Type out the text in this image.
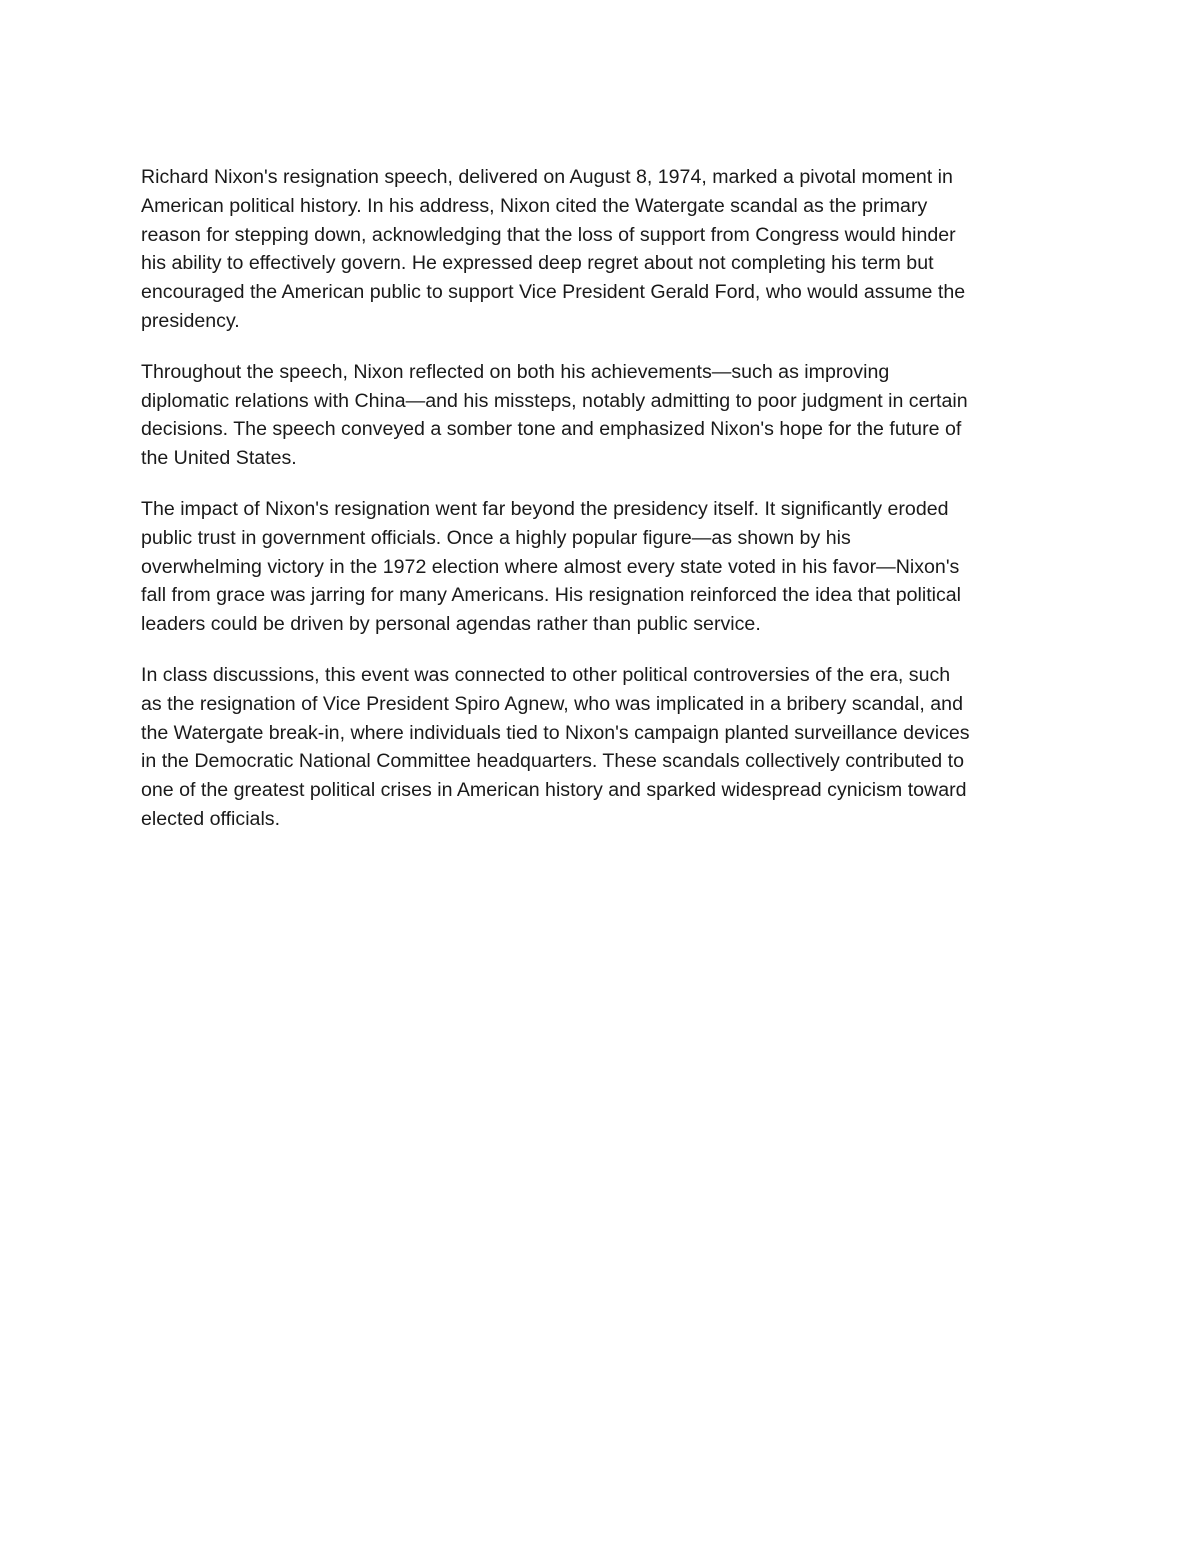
Richard Nixon's resignation speech, delivered on August 8, 1974, marked a pivotal moment in
American political history. In his address, Nixon cited the Watergate scandal as the primary
reason for stepping down, acknowledging that the loss of support from Congress would hinder
his ability to effectively govern. He expressed deep regret about not completing his term but
encouraged the American public to support Vice President Gerald Ford, who would assume the
presidency.

Throughout the speech, Nixon reflected on both his achievements—such as improving
diplomatic relations with China—and his missteps, notably admitting to poor judgment in certain
decisions. The speech conveyed a somber tone and emphasized Nixon's hope for the future of
the United States.

The impact of Nixon's resignation went far beyond the presidency itself. It significantly eroded
public trust in government officials. Once a highly popular figure—as shown by his
overwhelming victory in the 1972 election where almost every state voted in his favor—Nixon's
fall from grace was jarring for many Americans. His resignation reinforced the idea that political
leaders could be driven by personal agendas rather than public service.

In class discussions, this event was connected to other political controversies of the era, such
as the resignation of Vice President Spiro Agnew, who was implicated in a bribery scandal, and
the Watergate break-in, where individuals tied to Nixon's campaign planted surveillance devices
in the Democratic National Committee headquarters. These scandals collectively contributed to
one of the greatest political crises in American history and sparked widespread cynicism toward
elected officials.
